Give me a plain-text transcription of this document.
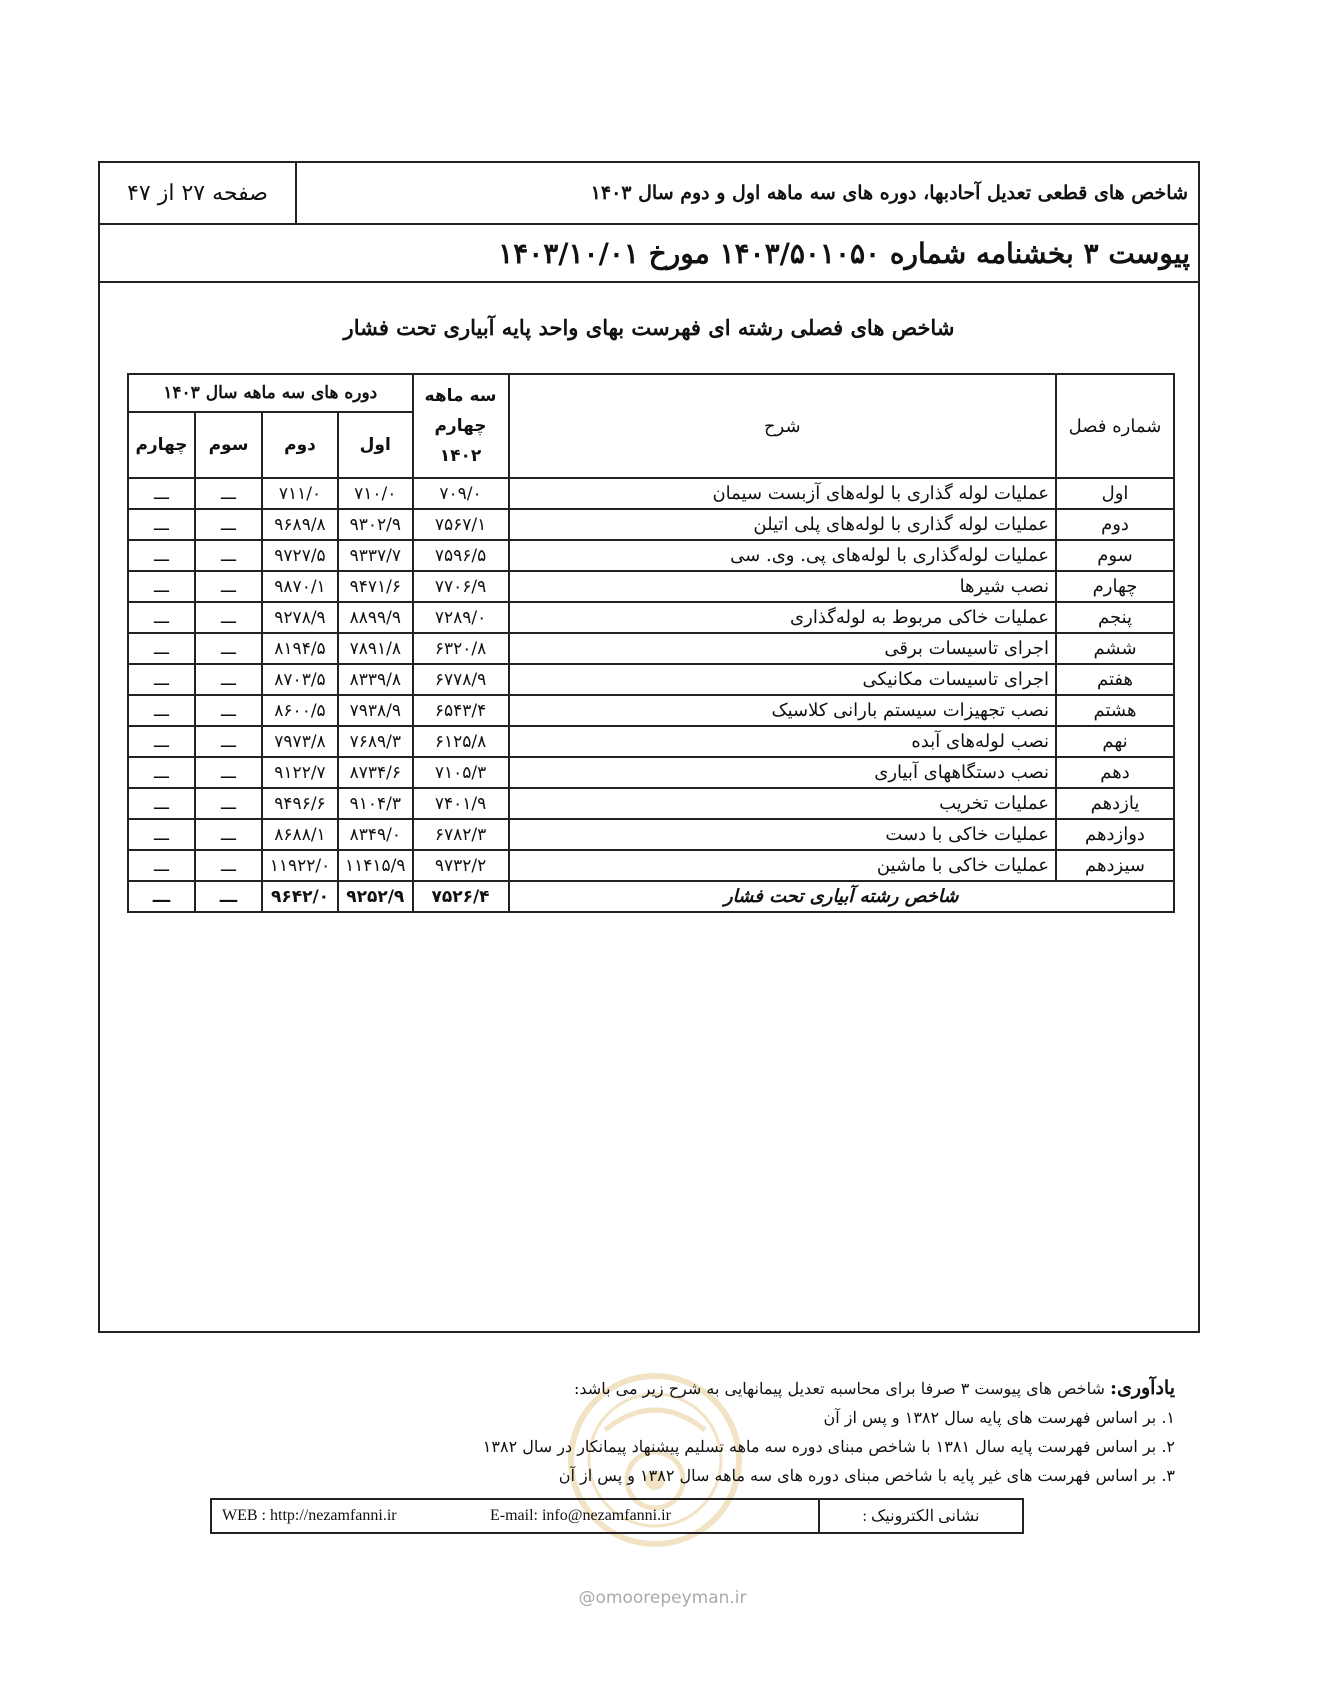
صفحه ۲۷ از ۴۷	شاخص های قطعی تعدیل آحادبها، دوره های سه ماهه اول و دوم سال ۱۴۰۳
پیوست ۳ بخشنامه شماره ۱۴۰۳/۵۰۱۰۵۰ مورخ ۱۴۰۳/۱۰/۰۱
شاخص های فصلی رشته ای فهرست بهای واحد پایه آبیاری تحت فشار
شماره فصل	شرح	سه ماهه چهارم ۱۴۰۲	دوره های سه ماهه سال ۱۴۰۳			
			اول	دوم	سوم	چهارم
اول	عملیات لوله گذاری با لوله‌های آزبست سیمان	۷۰۹/۰	۷۱۰/۰	۷۱۱/۰	ـــ	ـــ
دوم	عملیات لوله گذاری با لوله‌های پلی اتیلن	۷۵۶۷/۱	۹۳۰۲/۹	۹۶۸۹/۸	ـــ	ـــ
سوم	عملیات لوله‌گذاری با لوله‌های پی. وی. سی	۷۵۹۶/۵	۹۳۳۷/۷	۹۷۲۷/۵	ـــ	ـــ
چهارم	نصب شیرها	۷۷۰۶/۹	۹۴۷۱/۶	۹۸۷۰/۱	ـــ	ـــ
پنجم	عملیات خاکی مربوط به لوله‌گذاری	۷۲۸۹/۰	۸۸۹۹/۹	۹۲۷۸/۹	ـــ	ـــ
ششم	اجرای تاسیسات برقی	۶۳۲۰/۸	۷۸۹۱/۸	۸۱۹۴/۵	ـــ	ـــ
هفتم	اجرای تاسیسات مکانیکی	۶۷۷۸/۹	۸۳۳۹/۸	۸۷۰۳/۵	ـــ	ـــ
هشتم	نصب تجهیزات سیستم بارانی کلاسیک	۶۵۴۳/۴	۷۹۳۸/۹	۸۶۰۰/۵	ـــ	ـــ
نهم	نصب لوله‌های آبده	۶۱۲۵/۸	۷۶۸۹/۳	۷۹۷۳/۸	ـــ	ـــ
دهم	نصب دستگاههای آبیاری	۷۱۰۵/۳	۸۷۳۴/۶	۹۱۲۲/۷	ـــ	ـــ
یازدهم	عملیات تخریب	۷۴۰۱/۹	۹۱۰۴/۳	۹۴۹۶/۶	ـــ	ـــ
دوازدهم	عملیات خاکی با دست	۶۷۸۲/۳	۸۳۴۹/۰	۸۶۸۸/۱	ـــ	ـــ
سیزدهم	عملیات خاکی با ماشین	۹۷۳۲/۲	۱۱۴۱۵/۹	۱۱۹۲۲/۰	ـــ	ـــ
شاخص رشته آبیاری تحت فشار		۷۵۲۶/۴	۹۲۵۲/۹	۹۶۴۲/۰	ـــ	ـــ
@omoorepeyman.ir
یادآوری: شاخص های پیوست ۳ صرفا برای محاسبه تعدیل پیمانهایی به شرح زیر می باشد:
۱. بر اساس فهرست های پایه سال ۱۳۸۲ و پس از آن
۲. بر اساس فهرست پایه سال ۱۳۸۱ با شاخص مبنای دوره سه ماهه تسلیم پیشنهاد پیمانکار در سال ۱۳۸۲
۳. بر اساس فهرست های غیر پایه با شاخص مبنای دوره های سه ماهه سال ۱۳۸۲ و پس از آن
WEB : http://nezamfanni.ir	E-mail: info@nezamfanni.ir	نشانی الکترونیک :
